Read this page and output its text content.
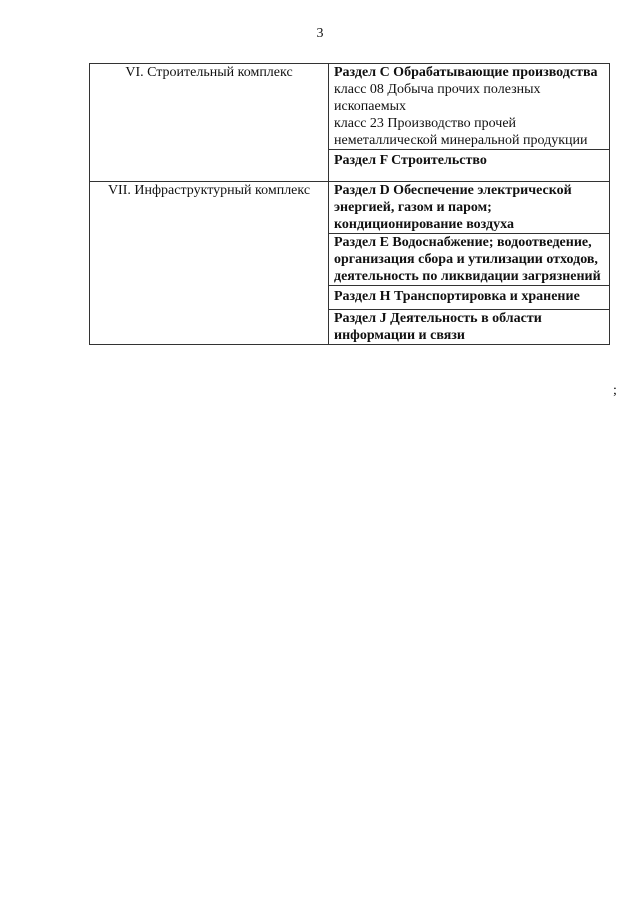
3
VI. Строительный комплекс	Раздел C Обрабатывающие производства
класс 08 Добыча прочих полезных ископаемых
класс 23 Производство прочей неметаллической минеральной продукции

	Раздел F Строительство

VII. Инфраструктурный комплекс	Раздел D Обеспечение электрической энергией, газом и паром; кондиционирование воздуха

	Раздел E Водоснабжение; водоотведение, организация сбора и утилизации отходов, деятельность по ликвидации загрязнений

	Раздел H Транспортировка и хранение

	Раздел J Деятельность в области информации и связи
;
